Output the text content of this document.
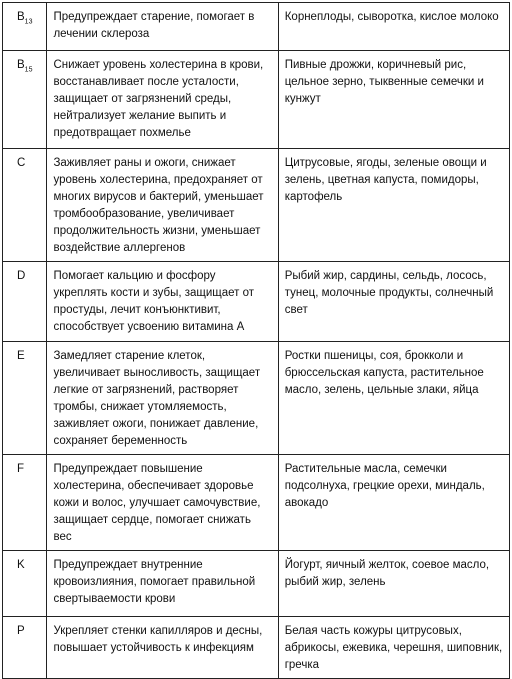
$B_{13}$	Предупреждает старение, помогает в лечении склероза	Корнеплоды, сыворотка, кислое молоко
$B_{15}$	Снижает уровень холестерина в крови, восстанавливает после усталости, защищает от загрязнений среды, нейтрализует желание выпить и предотвращает похмелье	Пивные дрожжи, коричневый рис, цельное зерно, тыквенные семечки и кунжут
C	Заживляет раны и ожоги, снижает уровень холестерина, предохраняет от многих вирусов и бактерий, уменьшает тромбообразование, увеличивает продолжительность жизни, уменьшает воздействие аллергенов	Цитрусовые, ягоды, зеленые овощи и зелень, цветная капуста, помидоры, картофель
D	Помогает кальцию и фосфору укреплять кости и зубы, защищает от простуды, лечит конъюнктивит, способствует усвоению витамина А	Рыбий жир, сардины, сельдь, лосось, тунец, молочные продукты, солнечный свет
E	Замедляет старение клеток, увеличивает выносливость, защищает легкие от загрязнений, растворяет тромбы, снижает утомляемость, заживляет ожоги, понижает давление, сохраняет беременность	Ростки пшеницы, соя, брокколи и брюссельская капуста, растительное масло, зелень, цельные злаки, яйца
F	Предупреждает повышение холестерина, обеспечивает здоровье кожи и волос, улучшает самочувствие, защищает сердце, помогает снижать вес	Растительные масла, семечки подсолнуха, грецкие орехи, миндаль, авокадо
K	Предупреждает внутренние кровоизлияния, помогает правильной свертываемости крови	Йогурт, яичный желток, соевое масло, рыбий жир, зелень
P	Укрепляет стенки капилляров и десны, повышает устойчивость к инфекциям	Белая часть кожуры цитрусовых, абрикосы, ежевика, черешня, шиповник, гречка
